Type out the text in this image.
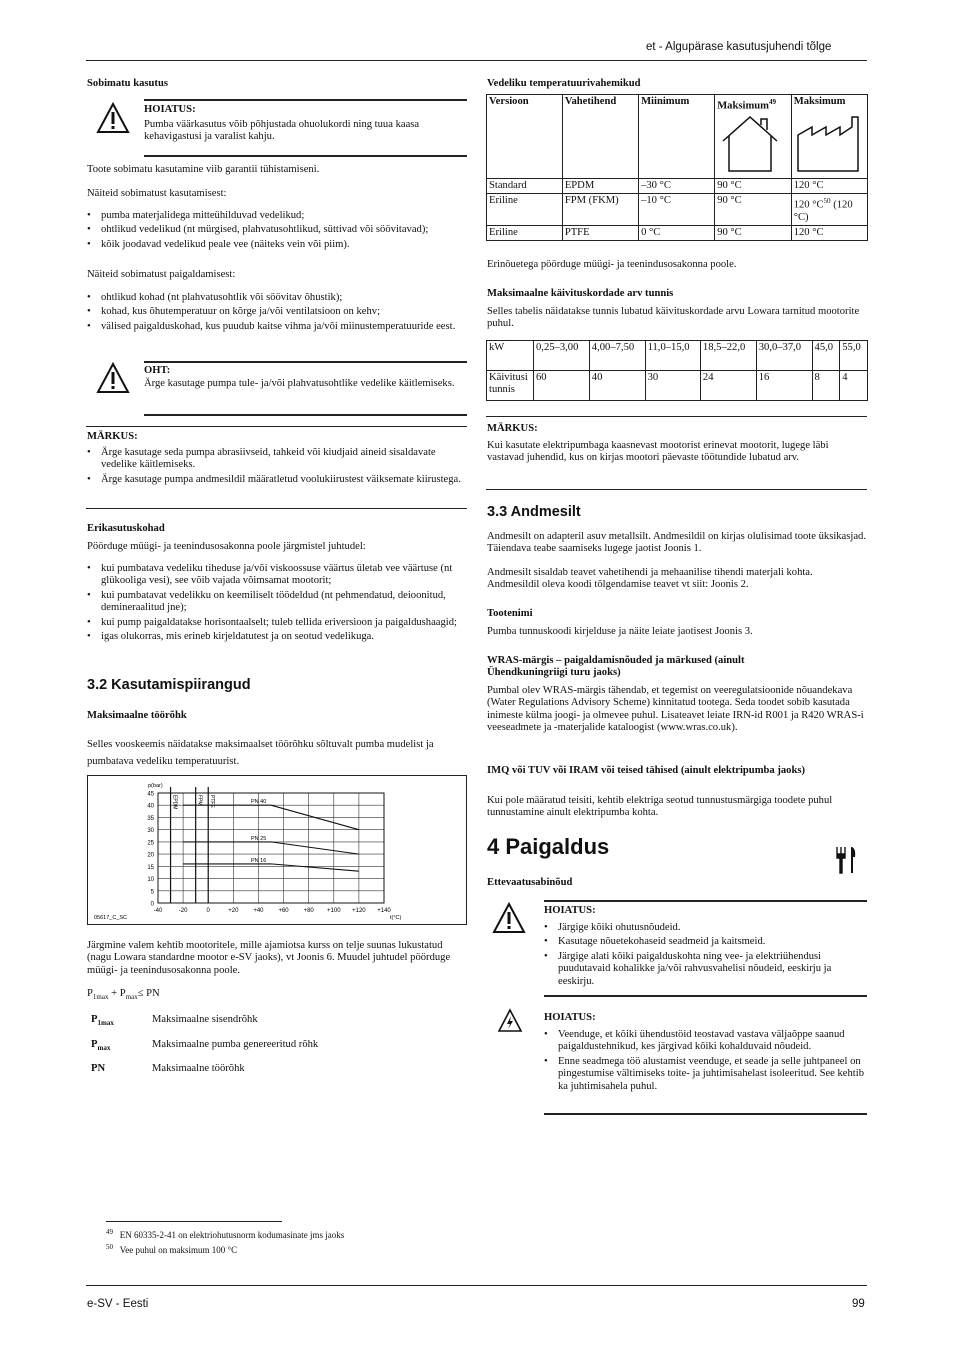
et - Algupärase kasutusjuhendi tõlge
Sobimatu kasutus
HOIATUS:
Pumba väärkasutus võib põhjustada ohuolukordi ning tuua kaasa kehavigastusi ja varalist kahju.
Toote sobimatu kasutamine viib garantii tühistamiseni.
Näiteid sobimatust kasutamisest:
• pumba materjalidega mitteühilduvad vedelikud;
• ohtlikud vedelikud (nt mürgised, plahvatusohtlikud, süttivad või söövitavad);
• kõik joodavad vedelikud peale vee (näiteks vein või piim).
Näiteid sobimatust paigaldamisest:
• ohtlikud kohad (nt plahvatusohtlik või söövitav õhustik);
• kohad, kus õhutemperatuur on kõrge ja/või ventilatsioon on kehv;
• välised paigalduskohad, kus puudub kaitse vihma ja/või miinustemperatuuride eest.
OHT:
Ärge kasutage pumpa tule- ja/või plahvatusohtlike vedelike käitlemiseks.
MÄRKUS:
• Ärge kasutage seda pumpa abrasiivseid, tahkeid või kiudjaid aineid sisaldavate vedelike käitlemiseks.
• Ärge kasutage pumpa andmesildil määratletud voolukiirustest väiksemate kiirustega.
Erikasutuskohad
Pöörduge müügi- ja teenindusosakonna poole järgmistel juhtudel:
• kui pumbatava vedeliku tiheduse ja/või viskoossuse väärtus ületab vee väärtuse (nt glükooliga vesi), see võib vajada võimsamat mootorit;
• kui pumbatavat vedelikku on keemiliselt töödeldud (nt pehmendatud, deioonitud, demineraalitud jne);
• kui pump paigaldatakse horisontaalselt; tuleb tellida eriversioon ja paigaldushaagid;
• igas olukorras, mis erineb kirjeldatutest ja on seotud vedelikuga.
3.2 Kasutamispiirangud
Maksimaalne töörõhk
Selles vooskeemis näidatakse maksimaalset töörõhku sõltuvalt pumba mudelist ja pumbatava vedeliku temperatuurist.
0
5
10
15
20
25
30
35
40
45
-40	-20	0	+20 +40 +60 +80 +100 +120 +140
EPDM	FPM PTFE	PN 40
PN 25
PN 16
p(bar)
t(°C)
05617_C_SC
Järgmine valem kehtib mootoritele, mille ajamiotsa kurss on telje suunas lukustatud (nagu Lowara standardne mootor e-SV jaoks), vt Joonis 6. Muudel juhtudel pöörduge müügi- ja teenindusosakonna poole.
$P_{1max} + P_{max}\le$ PN
$P_{1max}$	Maksimaalne sisendrõhk
$P_{max}$	Maksimaalne pumba genereeritud rõhk
PN	Maksimaalne töörõhk
$^{49}$ EN 60335-2-41 on elektriohutusnorm kodumasinate jms jaoks
$^{50}$ Vee puhul on maksimum 100 °C
Vedeliku temperatuurivahemikud
Versioon	Vahetihend	Miinimum	Maksimum$^{49}$	Maksimum

Standard	EPDM	–30 °C	90 °C	120 °C
Eriline	FPM (FKM)	–10 °C	90 °C	120 $^\circ C^{50}$ (120 °C)
Eriline	PTFE	0 °C	90 °C	120 °C
Erinõuetega pöörduge müügi- ja teenindusosakonna poole.
Maksimaalne käivituskordade arv tunnis
Selles tabelis näidatakse tunnis lubatud käivituskordade arvu Lowara tarnitud mootorite puhul.
kW	0,25–3,00	4,00–7,50	11,0–15,0	18,5–22,0	30,0–37,0	45,0	55,0
Käivitusi tunnis	60	40	30	24	16	8	4
MÄRKUS:
Kui kasutate elektripumbaga kaasnevast mootorist erinevat mootorit, lugege läbi vastavad juhendid, kus on kirjas mootori päevaste töötundide lubatud arv.
3.3 Andmesilt
Andmesilt on adapteril asuv metallsilt. Andmesildil on kirjas olulisimad toote üksikasjad. Täiendava teabe saamiseks lugege jaotist Joonis 1.
Andmesilt sisaldab teavet vahetihendi ja mehaanilise tihendi materjali kohta. Andmesildil oleva koodi tõlgendamise teavet vt siit: Joonis 2.
Tootenimi
Pumba tunnuskoodi kirjelduse ja näite leiate jaotisest Joonis 3.
WRAS-märgis – paigaldamisnõuded ja märkused (ainult Ühendkuningriigi turu jaoks)
Pumbal olev WRAS-märgis tähendab, et tegemist on veeregulatsioonide nõuandekava (Water Regulations Advisory Scheme) kinnitatud tootega. Seda toodet sobib kasutada inimeste külma joogi- ja olmevee puhul. Lisateavet leiate IRN-id R001 ja R420 WRAS-i veeseadmete ja -materjalide kataloogist (www.wras.co.uk).
IMQ või TUV või IRAM või teised tähised (ainult elektripumba jaoks)
Kui pole määratud teisiti, kehtib elektriga seotud tunnustusmärgiga toodete puhul tunnustamine ainult elektripumba kohta.
4 Paigaldus
Ettevaatusabinõud
HOIATUS:
• Järgige kõiki ohutusnõudeid.
• Kasutage nõuetekohaseid seadmeid ja kaitsmeid.
• Järgige alati kõiki paigalduskohta ning vee- ja elektriühendusi puudutavaid kohalikke ja/või rahvusvahelisi nõudeid, eeskirju ja eeskirju.
HOIATUS:
• Veenduge, et kõiki ühendustöid teostavad vastava väljaõppe saanud paigaldustehnikud, kes järgivad kõiki kohalduvaid nõudeid.
• Enne seadmega töö alustamist veenduge, et seade ja selle juhtpaneel on pingestumise vältimiseks toite- ja juhtimisahelast isoleeritud. See kehtib ka juhtimisahela puhul.
e-SV - Eesti	99
